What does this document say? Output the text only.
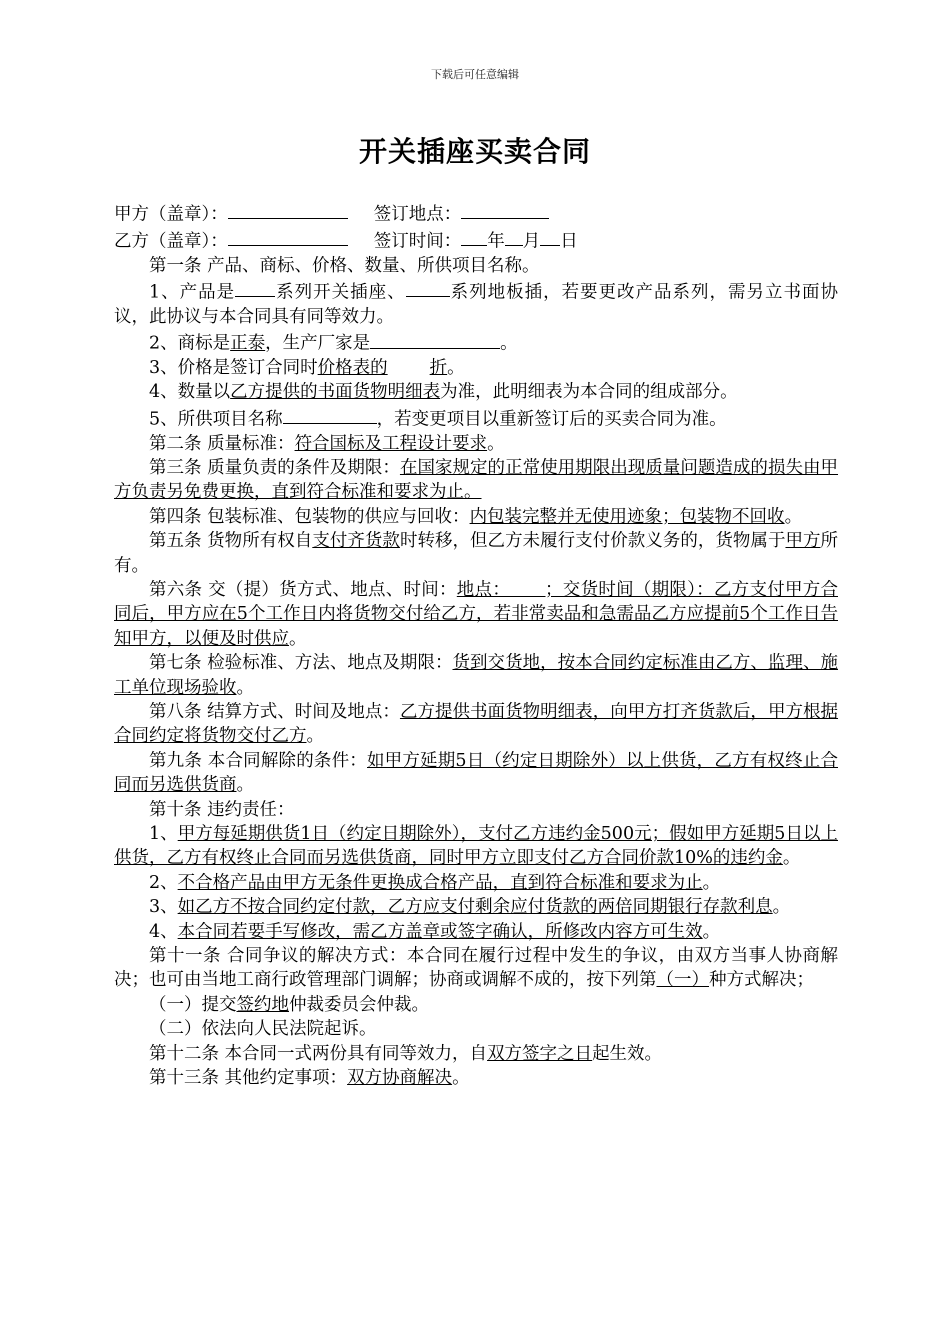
下载后可任意编辑
开关插座买卖合同
甲方（盖章）：	签订地点：
乙方（盖章）：	签订时间： 年 月 日

第一条 产品、商标、价格、数量、所供项目名称。

1、产品是 系列开关插座、	系列地板插，若要更改产品系列，需另立书面协议，此协议与本合同具有同等效力。

2、商标是正泰，生产厂家是	。

3、价格是签订合同时价格表的 折。

4、数量以乙方提供的书面货物明细表为准，此明细表为本合同的组成部分。

5、所供项目名称	，若变更项目以重新签订后的买卖合同为准。

第二条 质量标准：符合国标及工程设计要求。

第三条 质量负责的条件及期限：在国家规定的正常使用期限出现质量问题造成的损失由甲方负责另免费更换，直到符合标准和要求为止。

第四条 包装标准、包装物的供应与回收：内包装完整并无使用迹象；包装物不回收。

第五条 货物所有权自支付齐货款时转移，但乙方未履行支付价款义务的，货物属于甲方所有。

第六条 交（提）货方式、地点、时间：地点：      ；交货时间（期限）：乙方支付甲方合同后，甲方应在5个工作日内将货物交付给乙方，若非常卖品和急需品乙方应提前5个工作日告知甲方，以便及时供应。

第七条 检验标准、方法、地点及期限：货到交货地，按本合同约定标准由乙方、监理、施工单位现场验收。

第八条 结算方式、时间及地点：乙方提供书面货物明细表，向甲方打齐货款后，甲方根据合同约定将货物交付乙方。

第九条 本合同解除的条件：如甲方延期5日（约定日期除外）以上供货，乙方有权终止合同而另选供货商。

第十条 违约责任：

1、甲方每延期供货1日（约定日期除外），支付乙方违约金500元；假如甲方延期5日以上供货，乙方有权终止合同而另选供货商，同时甲方立即支付乙方合同价款10%的违约金。

2、不合格产品由甲方无条件更换成合格产品，直到符合标准和要求为止。

3、如乙方不按合同约定付款，乙方应支付剩余应付货款的两倍同期银行存款利息。

4、本合同若要手写修改，需乙方盖章或签字确认，所修改内容方可生效。

第十一条 合同争议的解决方式：本合同在履行过程中发生的争议，由双方当事人协商解决；也可由当地工商行政管理部门调解；协商或调解不成的，按下列第（一）种方式解决；

（一）提交签约地仲裁委员会仲裁。

（二）依法向人民法院起诉。

第十二条 本合同一式两份具有同等效力，自双方签字之日起生效。

第十三条 其他约定事项：双方协商解决。
